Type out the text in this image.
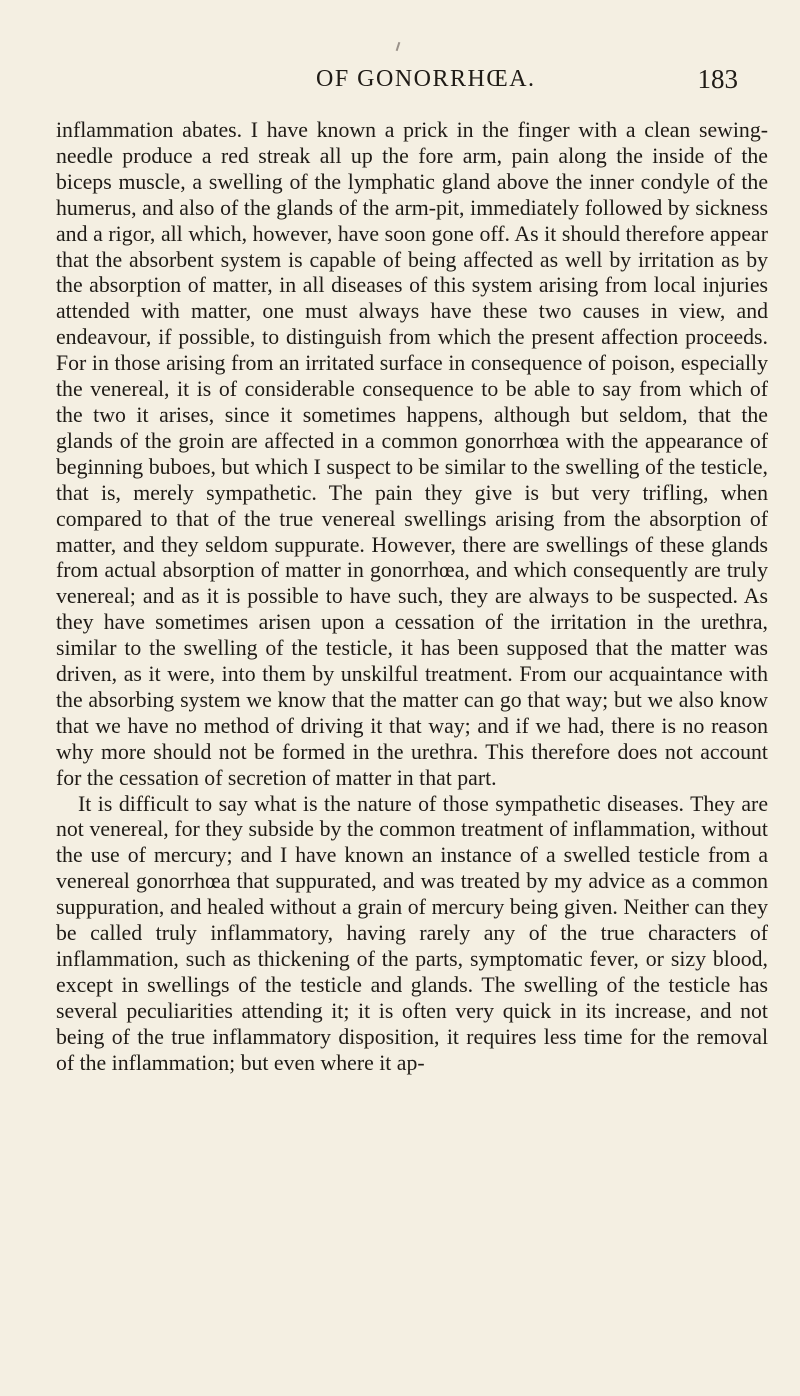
OF GONORRHŒA.	183

inflammation abates. I have known a prick in the finger with a clean sewing-needle produce a red streak all up the fore arm, pain along the inside of the biceps muscle, a swelling of the lymphatic gland above the inner condyle of the humerus, and also of the glands of the arm-pit, immediately followed by sickness and a rigor, all which, however, have soon gone off. As it should therefore appear that the absorbent system is capable of being affected as well by irritation as by the absorption of matter, in all diseases of this system arising from local injuries attended with matter, one must always have these two causes in view, and endeavour, if possible, to distinguish from which the present affection proceeds. For in those arising from an irritated surface in consequence of poison, especially the venereal, it is of considerable consequence to be able to say from which of the two it arises, since it sometimes happens, although but seldom, that the glands of the groin are affected in a common gonorrhœa with the appearance of beginning buboes, but which I suspect to be similar to the swelling of the testicle, that is, merely sympathetic. The pain they give is but very trifling, when compared to that of the true venereal swellings arising from the absorption of matter, and they seldom suppurate. However, there are swellings of these glands from actual absorption of matter in gonorrhœa, and which consequently are truly venereal; and as it is possible to have such, they are always to be suspected. As they have sometimes arisen upon a cessation of the irritation in the urethra, similar to the swelling of the testicle, it has been supposed that the matter was driven, as it were, into them by unskilful treatment. From our acquaintance with the absorbing system we know that the matter can go that way; but we also know that we have no method of driving it that way; and if we had, there is no reason why more should not be formed in the urethra. This therefore does not account for the cessation of secretion of matter in that part.

It is difficult to say what is the nature of those sympathetic diseases. They are not venereal, for they subside by the common treatment of inflammation, without the use of mercury; and I have known an instance of a swelled testicle from a venereal gonorrhœa that suppurated, and was treated by my advice as a common suppuration, and healed without a grain of mercury being given. Neither can they be called truly inflammatory, having rarely any of the true characters of inflammation, such as thickening of the parts, symptomatic fever, or sizy blood, except in swellings of the testicle and glands. The swelling of the testicle has several peculiarities attending it; it is often very quick in its increase, and not being of the true inflammatory disposition, it requires less time for the removal of the inflammation; but even where it ap-
